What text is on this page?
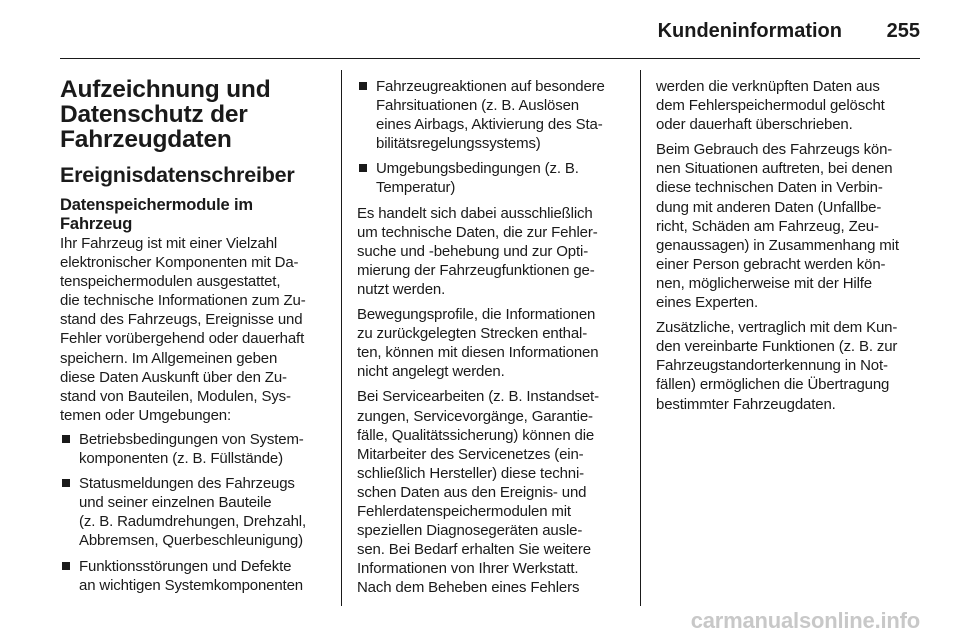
Kundeninformation	255
Aufzeichnung und
Datenschutz der
Fahrzeugdaten
Ereignisdatenschreiber
Datenspeichermodule im
Fahrzeug

Ihr Fahrzeug ist mit einer Vielzahl
elektronischer Komponenten mit Da-
tenspeichermodulen ausgestattet,
die technische Informationen zum Zu-
stand des Fahrzeugs, Ereignisse und
Fehler vorübergehend oder dauerhaft
speichern. Im Allgemeinen geben
diese Daten Auskunft über den Zu-
stand von Bauteilen, Modulen, Sys-
temen oder Umgebungen:

Betriebsbedingungen von System-
komponenten (z. B. Füllstände)
Statusmeldungen des Fahrzeugs
und seiner einzelnen Bauteile
(z. B. Radumdrehungen, Drehzahl,
Abbremsen, Querbeschleunigung)
Funktionsstörungen und Defekte
an wichtigen Systemkomponenten
Fahrzeugreaktionen auf besondere
Fahrsituationen (z. B. Auslösen
eines Airbags, Aktivierung des Sta-
bilitätsregelungssystems)
Umgebungsbedingungen (z. B.
Temperatur)

Es handelt sich dabei ausschließlich
um technische Daten, die zur Fehler-
suche und -behebung und zur Opti-
mierung der Fahrzeugfunktionen ge-
nutzt werden.

Bewegungsprofile, die Informationen
zu zurückgelegten Strecken enthal-
ten, können mit diesen Informationen
nicht angelegt werden.

Bei Servicearbeiten (z. B. Instandset-
zungen, Servicevorgänge, Garantie-
fälle, Qualitätssicherung) können die
Mitarbeiter des Servicenetzes (ein-
schließlich Hersteller) diese techni-
schen Daten aus den Ereignis- und
Fehlerdatenspeichermodulen mit
speziellen Diagnosegeräten ausle-
sen. Bei Bedarf erhalten Sie weitere
Informationen von Ihrer Werkstatt.
Nach dem Beheben eines Fehlers

werden die verknüpften Daten aus
dem Fehlerspeichermodul gelöscht
oder dauerhaft überschrieben.

Beim Gebrauch des Fahrzeugs kön-
nen Situationen auftreten, bei denen
diese technischen Daten in Verbin-
dung mit anderen Daten (Unfallbe-
richt, Schäden am Fahrzeug, Zeu-
genaussagen) in Zusammenhang mit
einer Person gebracht werden kön-
nen, möglicherweise mit der Hilfe
eines Experten.

Zusätzliche, vertraglich mit dem Kun-
den vereinbarte Funktionen (z. B. zur
Fahrzeugstandorterkennung in Not-
fällen) ermöglichen die Übertragung
bestimmter Fahrzeugdaten.

carmanualsonline.info
